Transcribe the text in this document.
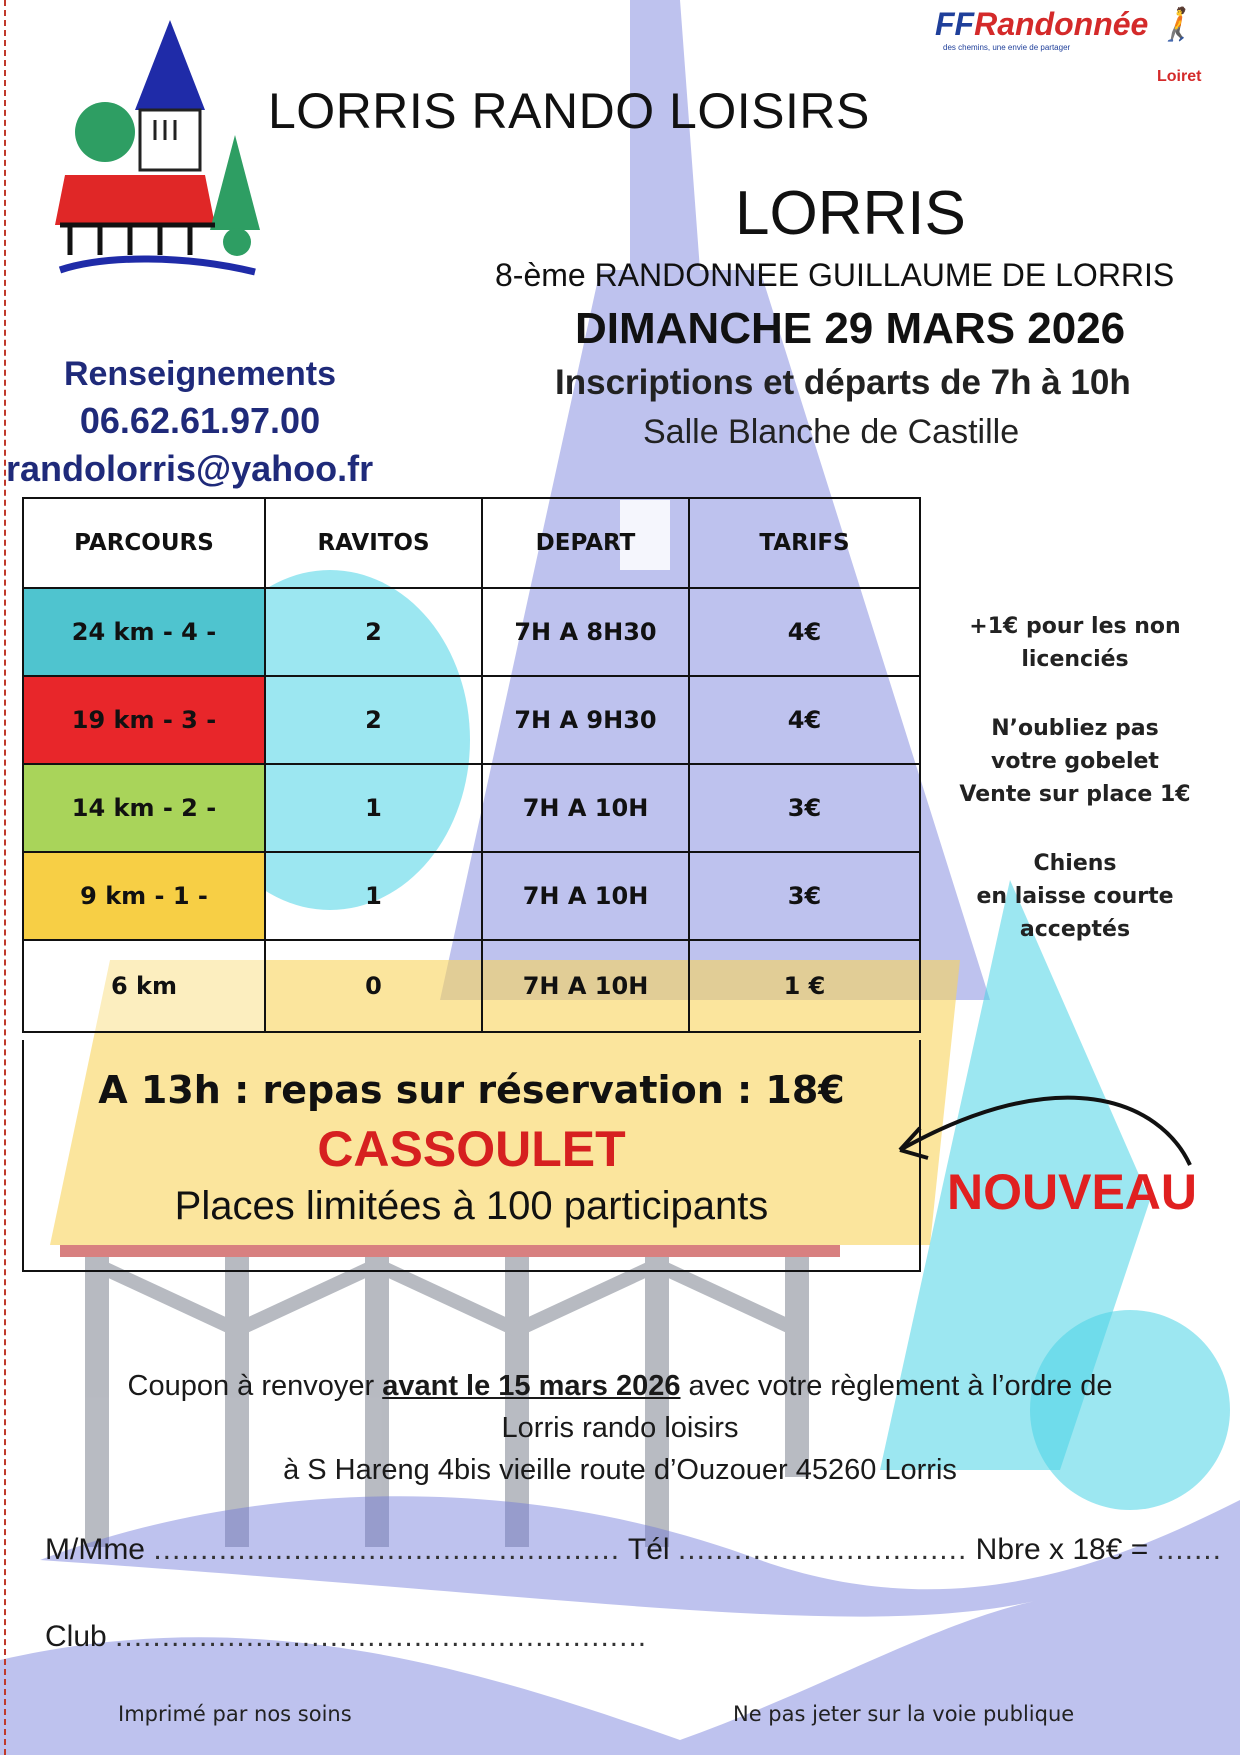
LORRIS RANDO LOISIRS
LORRIS
8-ème RANDONNEE GUILLAUME DE LORRIS
DIMANCHE 29 MARS 2026
Inscriptions et départs de 7h à 10h
Salle Blanche de Castille
FFRandonnée 🚶
des chemins, une envie de partager
Loiret
Renseignements
06.62.61.97.00
randolorris@yahoo.fr
PARCOURS	RAVITOS	DEPART	TARIFS
24 km - 4 -	2	7H A 8H30	4€
19 km - 3 -	2	7H A 9H30	4€
14 km - 2 -	1	7H A 10H	3€
9 km - 1 -	1	7H A 10H	3€
6 km	0	7H A 10H	1 €
A 13h : repas sur réservation : 18€
CASSOULET
Places limitées à 100 participants

+1€ pour les non
licenciés

N’oubliez pas
votre gobelet
Vente sur place 1€

Chiens
en laisse courte
acceptés

NOUVEAU
Coupon à renvoyer avant le 15 mars 2026 avec votre règlement à l’ordre de
Lorris rando loisirs
à S Hareng 4bis vieille route d’Ouzouer 45260 Lorris
M/Mme .................................................. Tél ............................... Nbre x 18€ = .......
Club .........................................................
Imprimé par nos soins	Ne pas jeter sur la voie publique
